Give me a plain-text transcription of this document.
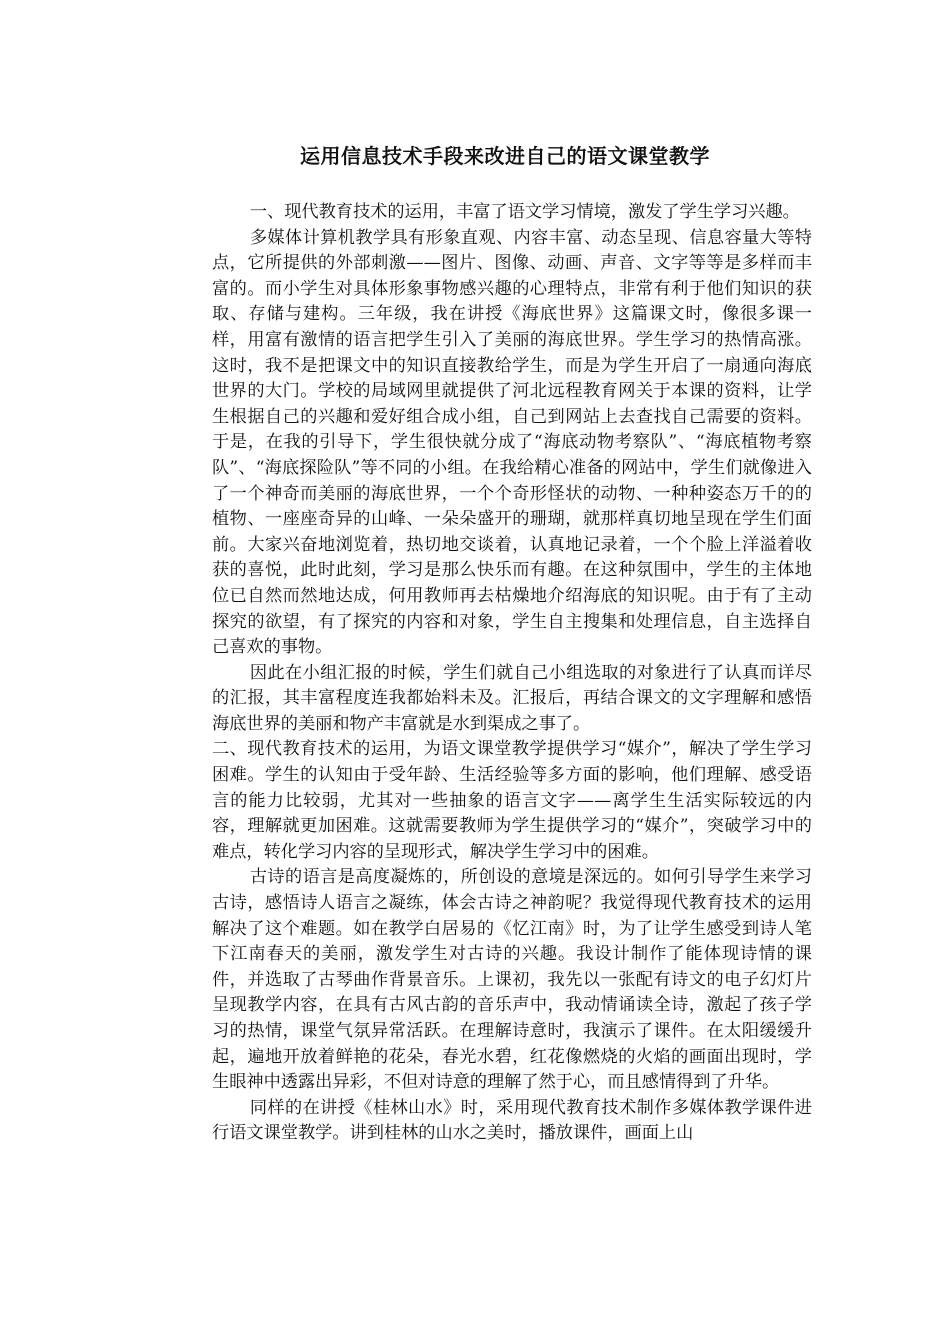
运用信息技术手段来改进自己的语文课堂教学

一、现代教育技术的运用，丰富了语文学习情境，激发了学生学习兴趣。

多媒体计算机教学具有形象直观、内容丰富、动态呈现、信息容量大等特点，它所提供的外部刺激——图片、图像、动画、声音、文字等等是多样而丰富的。而小学生对具体形象事物感兴趣的心理特点，非常有利于他们知识的获取、存储与建构。三年级，我在讲授《海底世界》这篇课文时，像很多课一样，用富有激情的语言把学生引入了美丽的海底世界。学生学习的热情高涨。这时，我不是把课文中的知识直接教给学生，而是为学生开启了一扇通向海底世界的大门。学校的局域网里就提供了河北远程教育网关于本课的资料，让学生根据自己的兴趣和爱好组合成小组，自己到网站上去查找自己需要的资料。于是，在我的引导下，学生很快就分成了“海底动物考察队”、“海底植物考察队”、“海底探险队”等不同的小组。在我给精心准备的网站中，学生们就像进入了一个神奇而美丽的海底世界，一个个奇形怪状的动物、一种种姿态万千的的植物、一座座奇异的山峰、一朵朵盛开的珊瑚，就那样真切地呈现在学生们面前。大家兴奋地浏览着，热切地交谈着，认真地记录着，一个个脸上洋溢着收获的喜悦，此时此刻，学习是那么快乐而有趣。在这种氛围中，学生的主体地位已自然而然地达成，何用教师再去枯燥地介绍海底的知识呢。由于有了主动探究的欲望，有了探究的内容和对象，学生自主搜集和处理信息，自主选择自己喜欢的事物。

因此在小组汇报的时候，学生们就自己小组选取的对象进行了认真而详尽的汇报，其丰富程度连我都始料未及。汇报后，再结合课文的文字理解和感悟海底世界的美丽和物产丰富就是水到渠成之事了。

二、现代教育技术的运用，为语文课堂教学提供学习“媒介”，解决了学生学习困难。学生的认知由于受年龄、生活经验等多方面的影响，他们理解、感受语言的能力比较弱，尤其对一些抽象的语言文字——离学生生活实际较远的内容，理解就更加困难。这就需要教师为学生提供学习的“媒介”，突破学习中的难点，转化学习内容的呈现形式，解决学生学习中的困难。

古诗的语言是高度凝炼的，所创设的意境是深远的。如何引导学生来学习古诗，感悟诗人语言之凝练，体会古诗之神韵呢？我觉得现代教育技术的运用解决了这个难题。如在教学白居易的《忆江南》时，为了让学生感受到诗人笔下江南春天的美丽，激发学生对古诗的兴趣。我设计制作了能体现诗情的课件，并选取了古琴曲作背景音乐。上课初，我先以一张配有诗文的电子幻灯片呈现教学内容，在具有古风古韵的音乐声中，我动情诵读全诗，激起了孩子学习的热情，课堂气氛异常活跃。在理解诗意时，我演示了课件。在太阳缓缓升起，遍地开放着鲜艳的花朵，春光水碧，红花像燃烧的火焰的画面出现时，学生眼神中透露出异彩，不但对诗意的理解了然于心，而且感情得到了升华。

同样的在讲授《桂林山水》时，采用现代教育技术制作多媒体教学课件进行语文课堂教学。讲到桂林的山水之美时，播放课件，画面上山
